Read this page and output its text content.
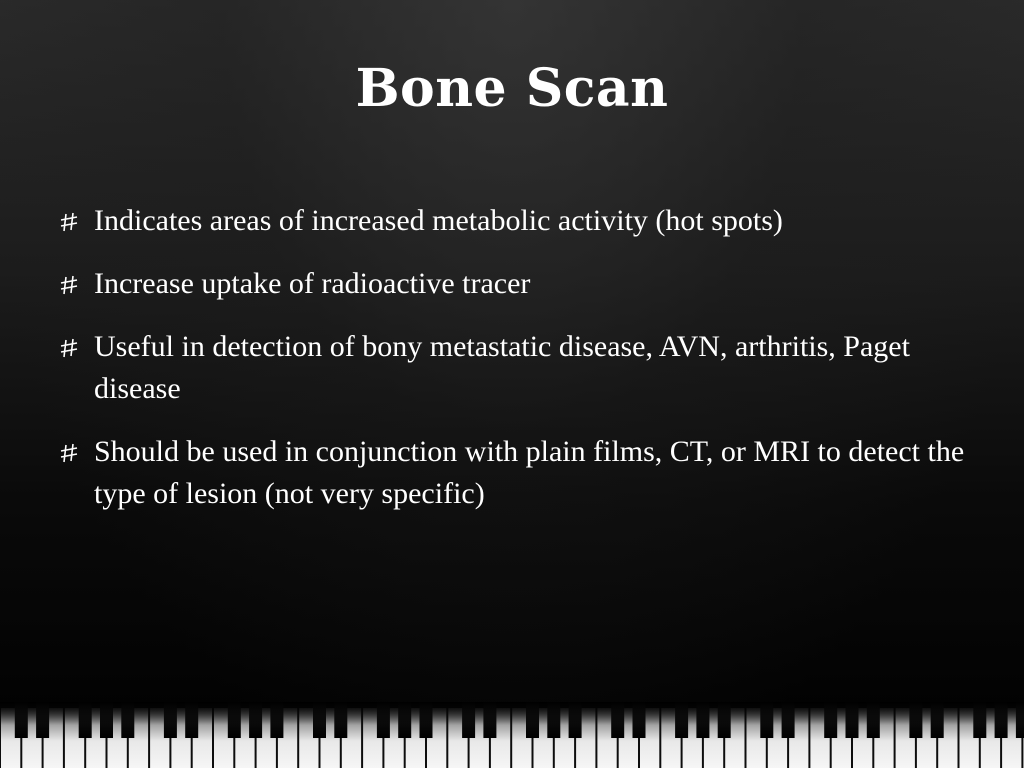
Bone Scan
Indicates areas of increased metabolic activity (hot spots)
Increase uptake of radioactive tracer
Useful in detection of bony metastatic disease, AVN, arthritis, Paget disease
Should be used in conjunction with plain films, CT, or MRI to detect the type of lesion (not very specific)
